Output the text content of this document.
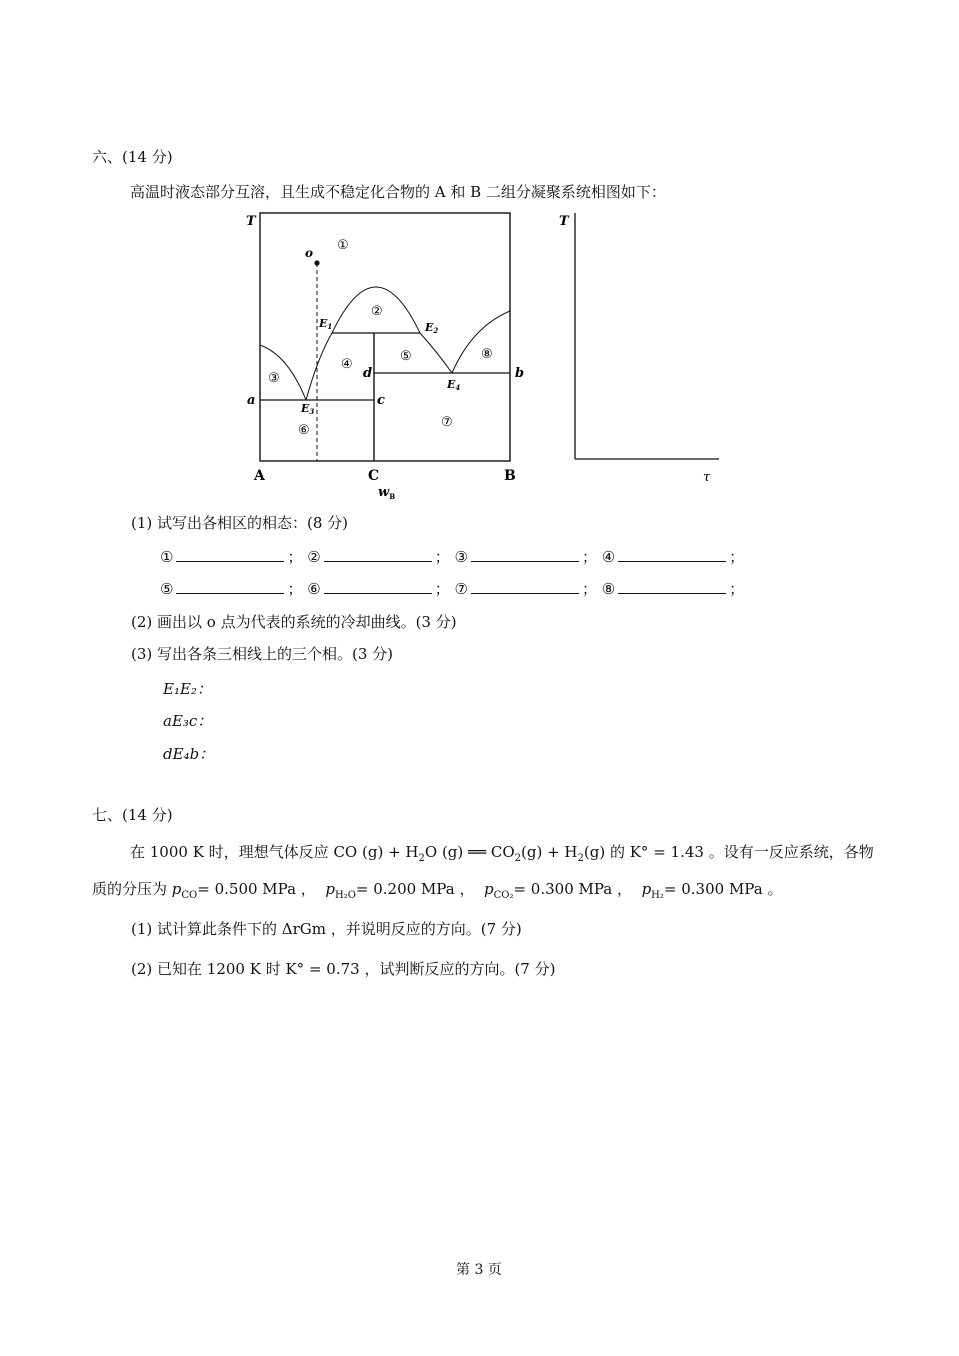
六、(14 分)
高温时液态部分互溶，且生成不稳定化合物的 A 和 B 二组分凝聚系统相图如下：
T
o ①
②
③
④
⑤
⑥
⑦
⑧
E1	E2
E3
E4
a	c
d	b
A	C	B
$w_B$
T
τ
(1) 试写出各相区的相态：(8 分)
①	； ②	； ③	； ④	；
⑤	； ⑥	； ⑦	； ⑧	；
(2) 画出以 o 点为代表的系统的冷却曲线。(3 分)
(3) 写出各条三相线上的三个相。(3 分)
E₁E₂：
aE₃c：
dE₄b：
七、(14 分)
在 1000 K 时，理想气体反应 CO $(g) + H_2O$ (g) ══ $CO_2(g) + H_2(g)$ 的 K° = 1.43 。设有一反应系统，各物
质的分压为 $p_{CO}= 0.500$ MPa ， $p_{H_2O}= 0.200$ MPa ， $p_{CO_2}= 0.300$ MPa ， $p_{H_2}= 0.300$ MPa 。
(1) 试计算此条件下的 ΔrGm ，并说明反应的方向。(7 分)
(2) 已知在 1200 K 时 K° = 0.73 ，试判断反应的方向。(7 分)
第 3 页
